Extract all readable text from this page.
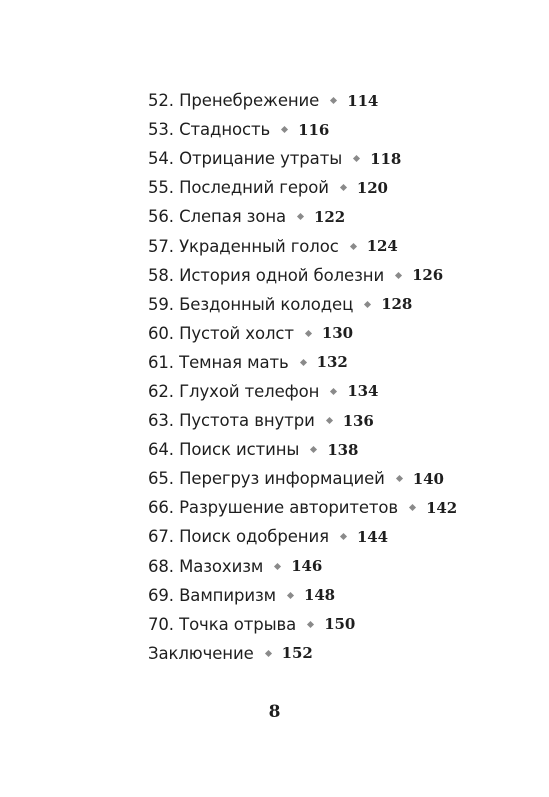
52. Пренебрежение 114
53. Стадность 116
54. Отрицание утраты 118
55. Последний герой 120
56. Слепая зона 122
57. Украденный голос 124
58. История одной болезни 126
59. Бездонный колодец 128
60. Пустой холст 130
61. Темная мать 132
62. Глухой телефон 134
63. Пустота внутри 136
64. Поиск истины 138
65. Перегруз информацией 140
66. Разрушение авторитетов 142
67. Поиск одобрения 144
68. Мазохизм 146
69. Вампиризм 148
70. Точка отрыва 150
Заключение 152
8
